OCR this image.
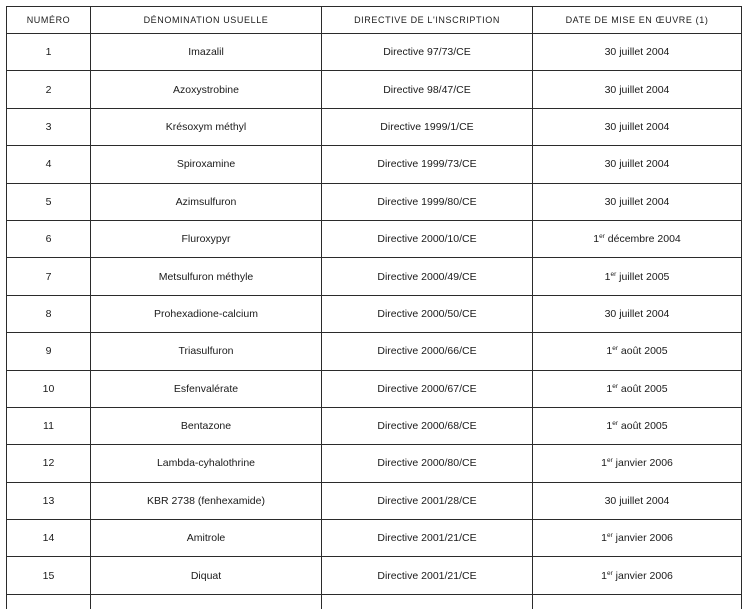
NUMÉRO	DÉNOMINATION USUELLE	DIRECTIVE DE L'INSCRIPTION	DATE DE MISE EN ŒUVRE (1)
1	Imazalil	Directive 97/73/CE	30 juillet 2004
2	Azoxystrobine	Directive 98/47/CE	30 juillet 2004
3	Krésoxym méthyl	Directive 1999/1/CE	30 juillet 2004
4	Spiroxamine	Directive 1999/73/CE	30 juillet 2004
5	Azimsulfuron	Directive 1999/80/CE	30 juillet 2004
6	Fluroxypyr	Directive 2000/10/CE	1er décembre 2004
7	Metsulfuron méthyle	Directive 2000/49/CE	1er juillet 2005
8	Prohexadione-calcium	Directive 2000/50/CE	30 juillet 2004
9	Triasulfuron	Directive 2000/66/CE	1er août 2005
10	Esfenvalérate	Directive 2000/67/CE	1er août 2005
11	Bentazone	Directive 2000/68/CE	1er août 2005
12	Lambda-cyhalothrine	Directive 2000/80/CE	1er janvier 2006
13	KBR 2738 (fenhexamide)	Directive 2001/28/CE	30 juillet 2004
14	Amitrole	Directive 2001/21/CE	1er janvier 2006
15	Diquat	Directive 2001/21/CE	1er janvier 2006
